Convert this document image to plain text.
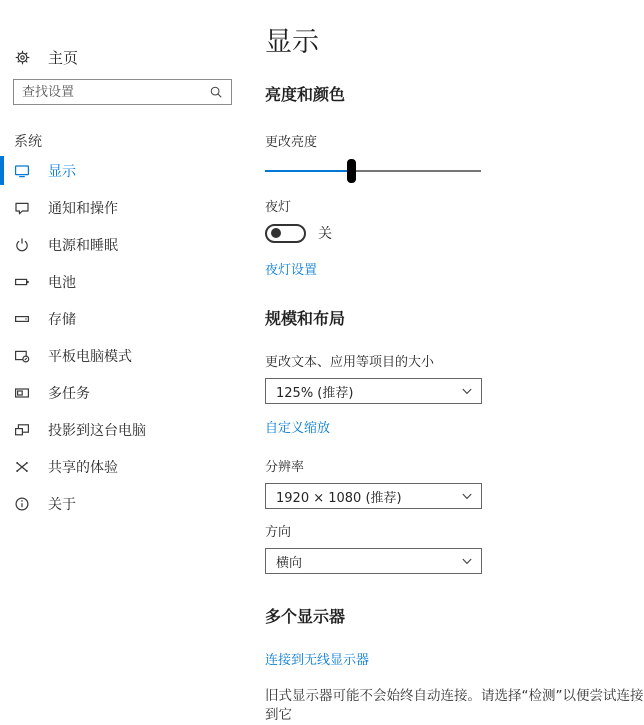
主页
查找设置
系统
显示
通知和操作
电源和睡眠
电池
存储
平板电脑模式
多任务
投影到这台电脑
共享的体验
关于
显示
亮度和颜色
更改亮度
夜灯
关
夜灯设置
规模和布局
更改文本、应用等项目的大小
125% (推荐)
自定义缩放
分辨率
1920 × 1080 (推荐)
方向
横向
多个显示器
连接到无线显示器
旧式显示器可能不会始终自动连接。请选择“检测”以便尝试连接到它
